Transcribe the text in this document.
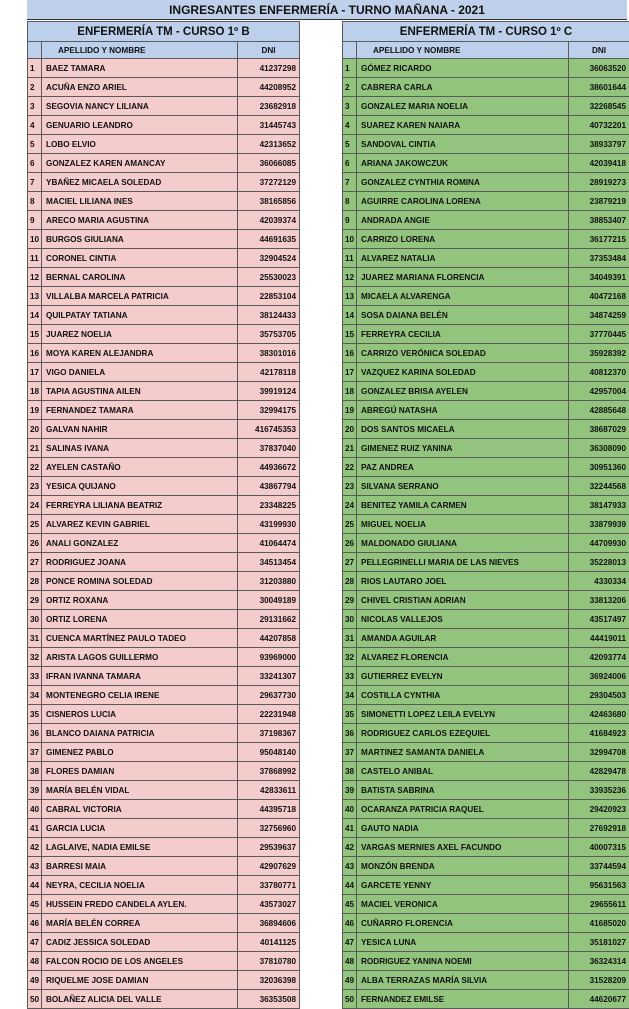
INGRESANTES ENFERMERÍA - TURNO MAÑANA - 2021
ENFERMERÍA TM - CURSO 1º B		
	APELLIDO Y NOMBRE	DNI
1	BAEZ TAMARA	41237298
2	ACUÑA ENZO ARIEL	44208952
3	SEGOVIA NANCY LILIANA	23682918
4	GENUARIO LEANDRO	31445743
5	LOBO ELVIO	42313652
6	GONZALEZ KAREN AMANCAY	36066085
7	YBAÑEZ MICAELA SOLEDAD	37272129
8	MACIEL LILIANA INES	38165856
9	ARECO MARIA AGUSTINA	42039374
10	BURGOS GIULIANA	44691635
11	CORONEL CINTIA	32904524
12	BERNAL CAROLINA	25530023
13	VILLALBA MARCELA PATRICIA	22853104
14	QUILPATAY TATIANA	38124433
15	JUAREZ NOELIA	35753705
16	MOYA KAREN ALEJANDRA	38301016
17	VIGO DANIELA	42178118
18	TAPIA AGUSTINA AILEN	39919124
19	FERNANDEZ TAMARA	32994175
20	GALVAN NAHIR	416745353
21	SALINAS IVANA	37837040
22	AYELEN CASTAÑO	44936672
23	YESICA QUIJANO	43867794
24	FERREYRA LILIANA BEATRIZ	23348225
25	ALVAREZ KEVIN GABRIEL	43199930
26	ANALI GONZALEZ	41064474
27	RODRIGUEZ JOANA	34513454
28	PONCE ROMINA SOLEDAD	31203880
29	ORTIZ ROXANA	30049189
30	ORTIZ LORENA	29131662
31	CUENCA MARTÍNEZ PAULO TADEO	44207858
32	ARISTA LAGOS GUILLERMO	93969000
33	IFRAN IVANNA TAMARA	33241307
34	MONTENEGRO CELIA IRENE	29637730
35	CISNEROS LUCIA	22231948
36	BLANCO DAIANA PATRICIA	37198367
37	GIMENEZ PABLO	95048140
38	FLORES DAMIAN	37868992
39	MARÍA BELÉN VIDAL	42833611
40	CABRAL VICTORIA	44395718
41	GARCIA LUCIA	32756960
42	LAGLAIVE, NADIA EMILSE	29539637
43	BARRESI MAIA	42907629
44	NEYRA, CECILIA NOELIA	33780771
45	HUSSEIN FREDO CANDELA AYLEN.	43573027
46	MARÍA BELÉN CORREA	36894606
47	CADIZ JESSICA SOLEDAD	40141125
48	FALCON ROCIO DE LOS ANGELES	37810780
49	RIQUELME JOSE DAMIAN	32036398
50	BOLAÑEZ ALICIA DEL VALLE	36353508
ENFERMERÍA TM - CURSO 1º C		
	APELLIDO Y NOMBRE	DNI
1	GÓMEZ RICARDO	36063520
2	CABRERA CARLA	38601644
3	GONZALEZ MARIA NOELIA	32268545
4	SUAREZ KAREN NAIARA	40732201
5	SANDOVAL CINTIA	38933797
6	ARIANA JAKOWCZUK	42039418
7	GONZALEZ CYNTHIA ROMINA	28919273
8	AGUIRRE CAROLINA LORENA	23879219
9	ANDRADA ANGIE	38853407
10	CARRIZO LORENA	36177215
11	ALVAREZ NATALIA	37353484
12	JUAREZ MARIANA FLORENCIA	34049391
13	MICAELA ALVARENGA	40472168
14	SOSA DAIANA BELÉN	34874259
15	FERREYRA CECILIA	37770445
16	CARRIZO VERÓNICA SOLEDAD	35928392
17	VAZQUEZ KARINA SOLEDAD	40812370
18	GONZALEZ BRISA AYELEN	42957004
19	ABREGÚ NATASHA	42885648
20	DOS SANTOS MICAELA	38687029
21	GIMENEZ RUIZ YANINA	36308090
22	PAZ ANDREA	30951360
23	SILVANA SERRANO	32244568
24	BENITEZ YAMILA CARMEN	38147933
25	MIGUEL NOELIA	33879939
26	MALDONADO GIULIANA	44709930
27	PELLEGRINELLI MARIA DE LAS NIEVES	35228013
28	RIOS LAUTARO JOEL	4330334
29	CHIVEL CRISTIAN ADRIAN	33813206
30	NICOLAS VALLEJOS	43517497
31	AMANDA AGUILAR	44419011
32	ALVAREZ FLORENCIA	42093774
33	GUTIERREZ EVELYN	36924006
34	COSTILLA CYNTHIA	29304503
35	SIMONETTI LOPEZ LEILA EVELYN	42463680
36	RODRIGUEZ CARLOS EZEQUIEL	41684923
37	MARTINEZ SAMANTA DANIELA	32994708
38	CASTELO ANIBAL	42829478
39	BATISTA SABRINA	33935236
40	OCARANZA PATRICIA RAQUEL	29420923
41	GAUTO NADIA	27692918
42	VARGAS MERNIES AXEL FACUNDO	40007315
43	MONZÓN BRENDA	33744594
44	GARCETE YENNY	95631563
45	MACIEL VERONICA	29655611
46	CUÑARRO FLORENCIA	41685020
47	YESICA LUNA	35181027
48	RODRIGUEZ YANINA NOEMI	36324314
49	ALBA TERRAZAS MARÍA SILVIA	31528209
50	FERNANDEZ EMILSE	44620677
